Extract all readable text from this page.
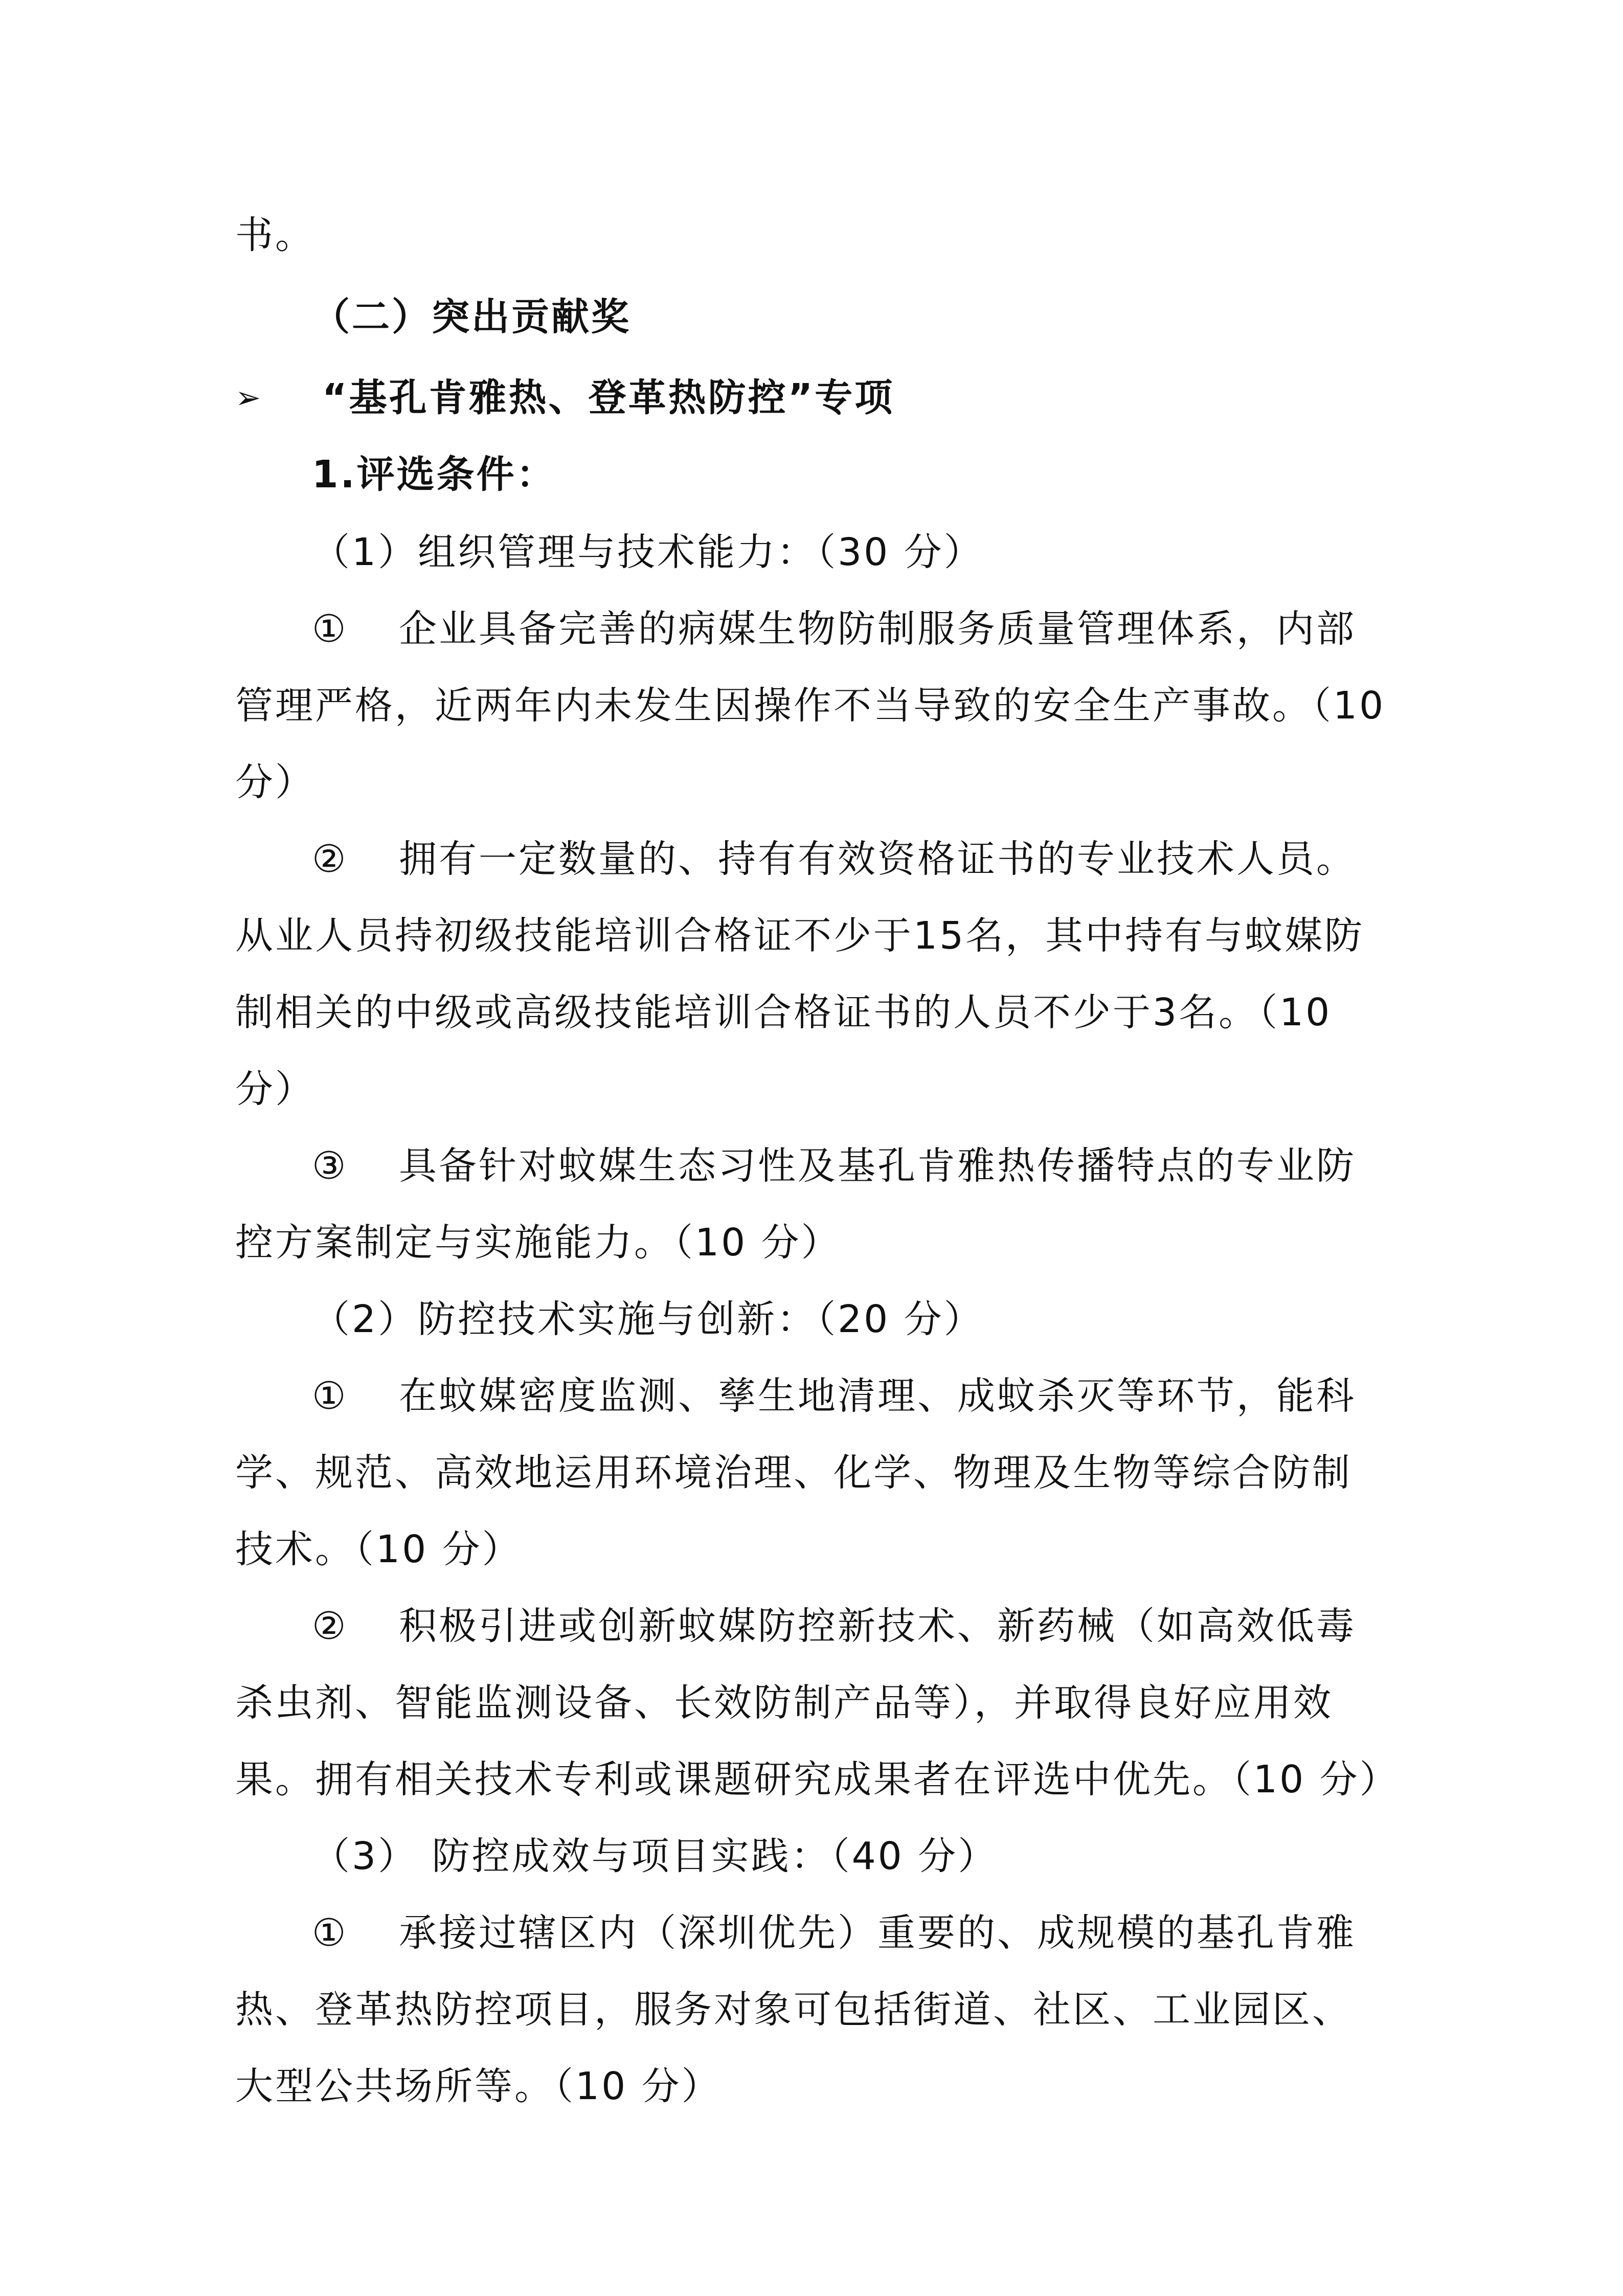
书。
（二）突出贡献奖
➢ “基孔肯雅热、登革热防控”专项
1.评选条件：
（1）组织管理与技术能力：（30 分）
① 企业具备完善的病媒生物防制服务质量管理体系，内部
管理严格，近两年内未发生因操作不当导致的安全生产事故。（10
分）
② 拥有一定数量的、持有有效资格证书的专业技术人员。
从业人员持初级技能培训合格证不少于15名，其中持有与蚊媒防
制相关的中级或高级技能培训合格证书的人员不少于3名。（10
分）
③ 具备针对蚊媒生态习性及基孔肯雅热传播特点的专业防
控方案制定与实施能力。（10 分）
（2）防控技术实施与创新：（20 分）
① 在蚊媒密度监测、孳生地清理、成蚊杀灭等环节，能科
学、规范、高效地运用环境治理、化学、物理及生物等综合防制
技术。（10 分）
② 积极引进或创新蚊媒防控新技术、新药械（如高效低毒
杀虫剂、智能监测设备、长效防制产品等），并取得良好应用效
果。拥有相关技术专利或课题研究成果者在评选中优先。（10 分）
（3） 防控成效与项目实践：（40 分）
① 承接过辖区内（深圳优先）重要的、成规模的基孔肯雅
热、登革热防控项目，服务对象可包括街道、社区、工业园区、
大型公共场所等。（10 分）
